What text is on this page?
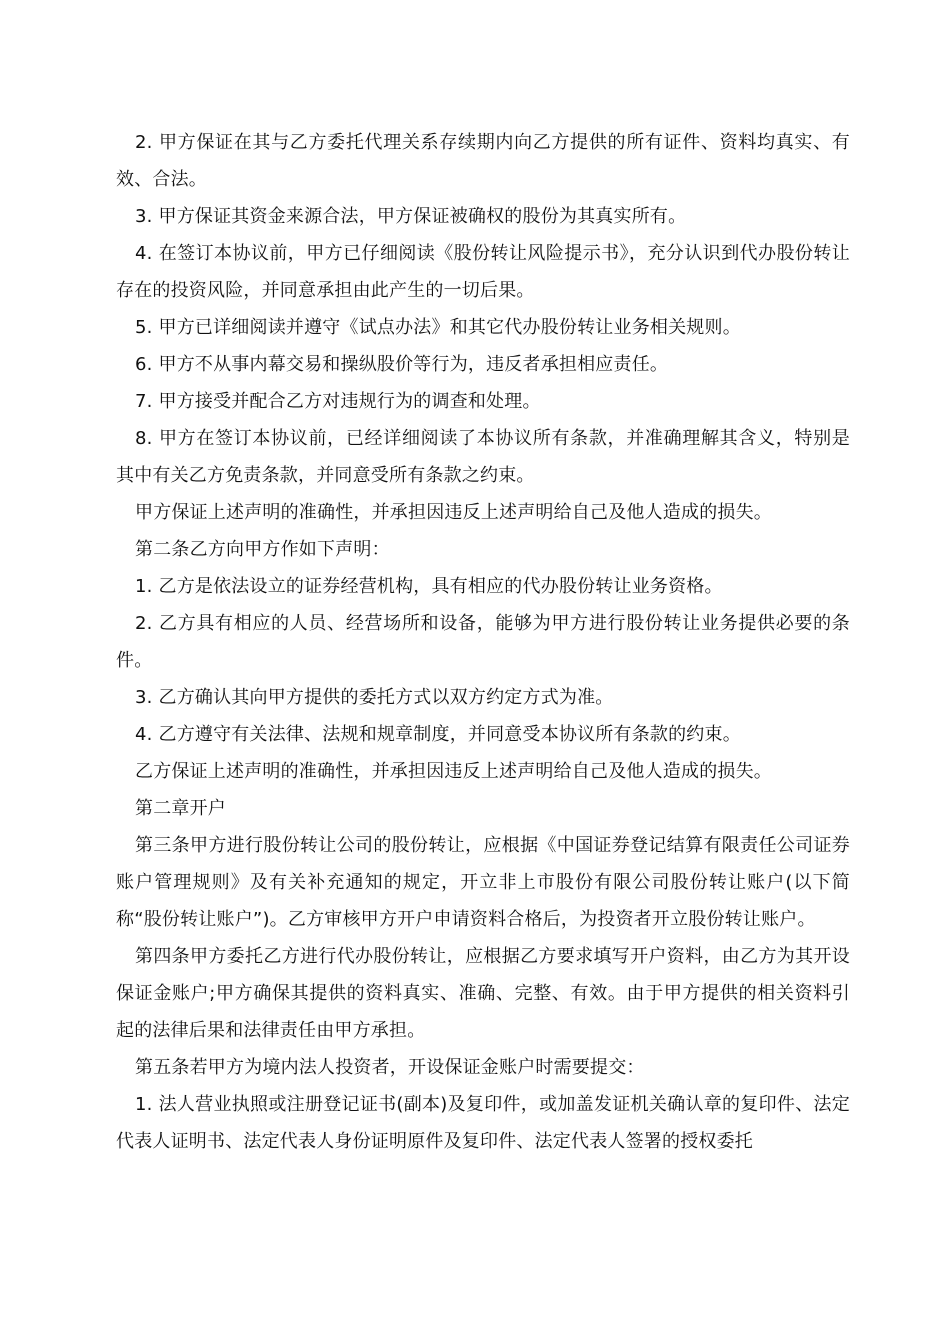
2. 甲方保证在其与乙方委托代理关系存续期内向乙方提供的所有证件、资料均真实、有效、合法。

3. 甲方保证其资金来源合法，甲方保证被确权的股份为其真实所有。

4. 在签订本协议前，甲方已仔细阅读《股份转让风险提示书》，充分认识到代办股份转让存在的投资风险，并同意承担由此产生的一切后果。

5. 甲方已详细阅读并遵守《试点办法》和其它代办股份转让业务相关规则。

6. 甲方不从事内幕交易和操纵股价等行为，违反者承担相应责任。

7. 甲方接受并配合乙方对违规行为的调查和处理。

8. 甲方在签订本协议前，已经详细阅读了本协议所有条款，并准确理解其含义，特别是其中有关乙方免责条款，并同意受所有条款之约束。

甲方保证上述声明的准确性，并承担因违反上述声明给自己及他人造成的损失。

第二条乙方向甲方作如下声明：

1. 乙方是依法设立的证券经营机构，具有相应的代办股份转让业务资格。

2. 乙方具有相应的人员、经营场所和设备，能够为甲方进行股份转让业务提供必要的条件。

3. 乙方确认其向甲方提供的委托方式以双方约定方式为准。

4. 乙方遵守有关法律、法规和规章制度，并同意受本协议所有条款的约束。

乙方保证上述声明的准确性，并承担因违反上述声明给自己及他人造成的损失。

第二章开户

第三条甲方进行股份转让公司的股份转让，应根据《中国证券登记结算有限责任公司证券账户管理规则》及有关补充通知的规定，开立非上市股份有限公司股份转让账户(以下简称“股份转让账户”)。乙方审核甲方开户申请资料合格后，为投资者开立股份转让账户。

第四条甲方委托乙方进行代办股份转让，应根据乙方要求填写开户资料，由乙方为其开设保证金账户;甲方确保其提供的资料真实、准确、完整、有效。由于甲方提供的相关资料引起的法律后果和法律责任由甲方承担。

第五条若甲方为境内法人投资者，开设保证金账户时需要提交：

1. 法人营业执照或注册登记证书(副本)及复印件，或加盖发证机关确认章的复印件、法定代表人证明书、法定代表人身份证明原件及复印件、法定代表人签署的授权委托
